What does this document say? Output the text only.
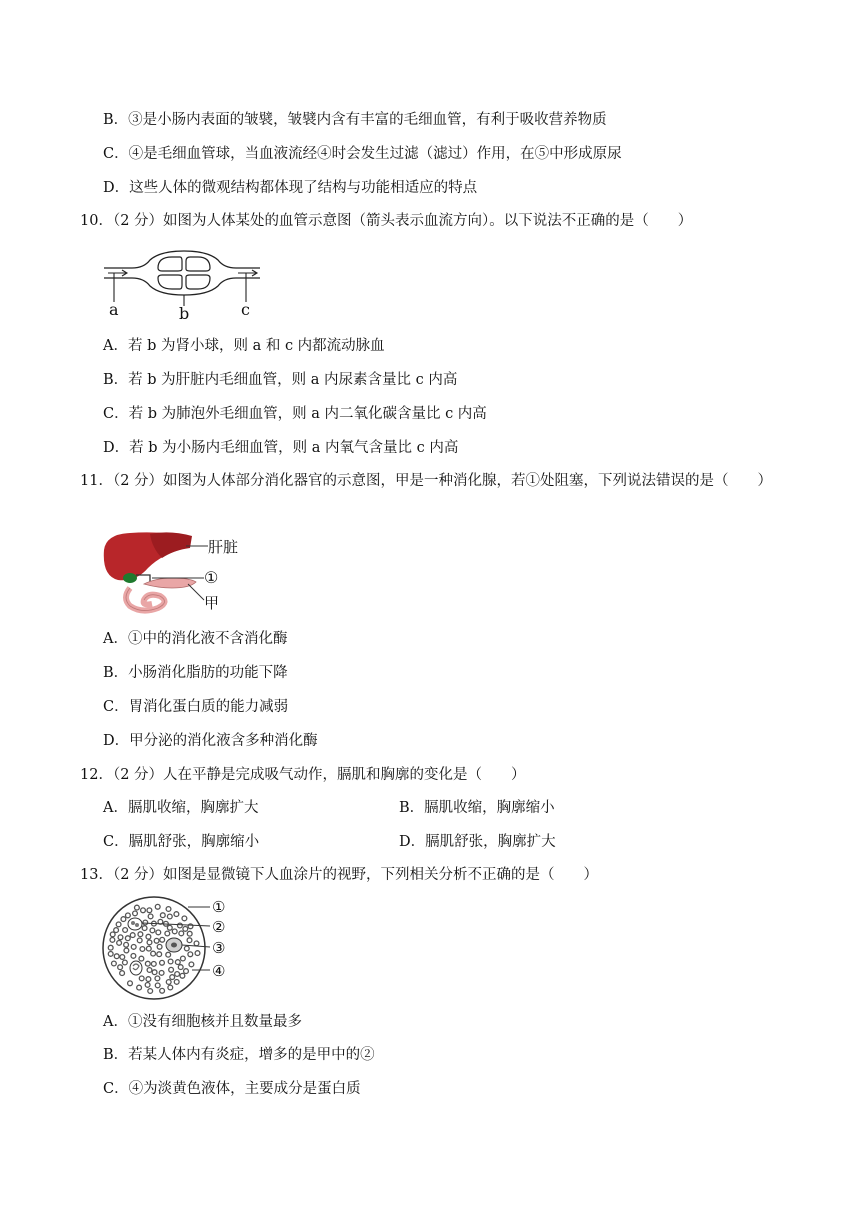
B．③是小肠内表面的皱襞，皱襞内含有丰富的毛细血管，有利于吸收营养物质
C．④是毛细血管球，当血液流经④时会发生过滤（滤过）作用，在⑤中形成原尿
D．这些人体的微观结构都体现了结构与功能相适应的特点
10．（2 分）如图为人体某处的血管示意图（箭头表示血流方向）。以下说法不正确的是（　　）
a	b	c
A．若 b 为肾小球，则 a 和 c 内都流动脉血
B．若 b 为肝脏内毛细血管，则 a 内尿素含量比 c 内高
C．若 b 为肺泡外毛细血管，则 a 内二氧化碳含量比 c 内高
D．若 b 为小肠内毛细血管，则 a 内氧气含量比 c 内高
11．（2 分）如图为人体部分消化器官的示意图，甲是一种消化腺，若①处阻塞，下列说法错误的是（　　）
肝脏
①
甲
A．①中的消化液不含消化酶
B．小肠消化脂肪的功能下降
C．胃消化蛋白质的能力减弱
D．甲分泌的消化液含多种消化酶
12．（2 分）人在平静是完成吸气动作，膈肌和胸廓的变化是（　　）
A．膈肌收缩，胸廓扩大	B．膈肌收缩，胸廓缩小
C．膈肌舒张，胸廓缩小	D．膈肌舒张，胸廓扩大
13．（2 分）如图是显微镜下人血涂片的视野，下列相关分析不正确的是（　　）
①
②
③
④
A．①没有细胞核并且数量最多
B．若某人体内有炎症，增多的是甲中的②
C．④为淡黄色液体，主要成分是蛋白质
